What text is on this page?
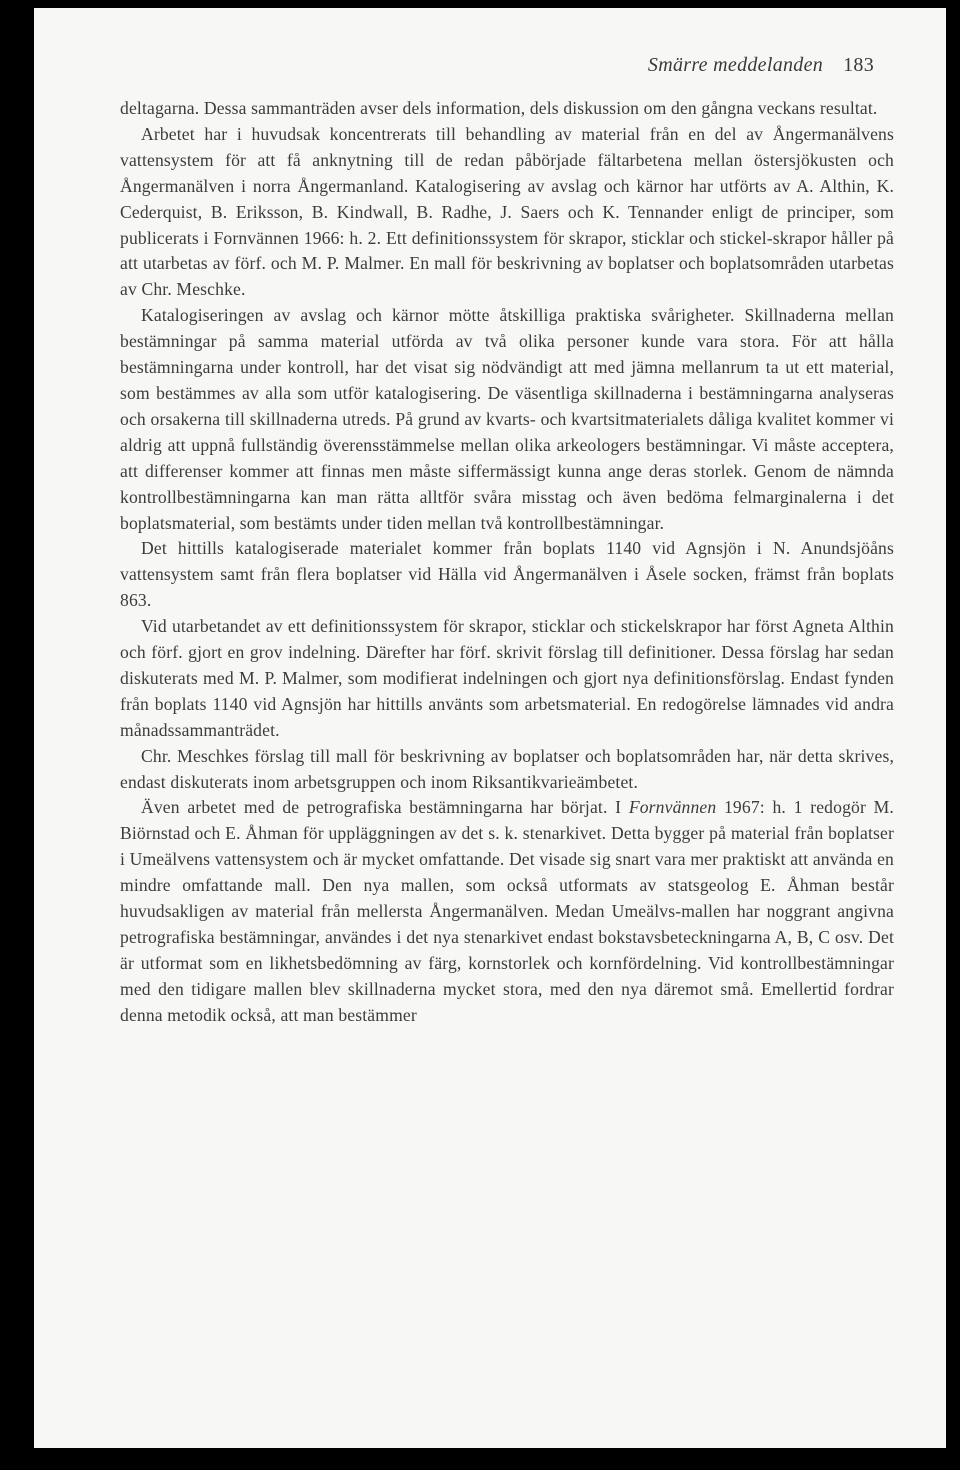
Smärre meddelanden 183

deltagarna. Dessa sammanträden avser dels information, dels diskussion om den gångna veckans resultat.

Arbetet har i huvudsak koncentrerats till behandling av material från en del av Ångermanälvens vattensystem för att få anknytning till de redan påbörjade fältarbetena mellan östersjökusten och Ångermanälven i norra Ångermanland. Katalogisering av avslag och kärnor har utförts av A. Althin, K. Cederquist, B. Eriksson, B. Kindwall, B. Radhe, J. Saers och K. Tennander enligt de principer, som publicerats i Fornvännen 1966: h. 2. Ett definitionssystem för skrapor, sticklar och stickel-skrapor håller på att utarbetas av förf. och M. P. Malmer. En mall för beskrivning av boplatser och boplatsområden utarbetas av Chr. Meschke.

Katalogiseringen av avslag och kärnor mötte åtskilliga praktiska svårigheter. Skillnaderna mellan bestämningar på samma material utförda av två olika personer kunde vara stora. För att hålla bestämningarna under kontroll, har det visat sig nödvändigt att med jämna mellanrum ta ut ett material, som bestämmes av alla som utför katalogisering. De väsentliga skillnaderna i bestämningarna analyseras och orsakerna till skillnaderna utreds. På grund av kvarts- och kvartsitmaterialets dåliga kvalitet kommer vi aldrig att uppnå fullständig överensstämmelse mellan olika arkeologers bestämningar. Vi måste acceptera, att differenser kommer att finnas men måste siffermässigt kunna ange deras storlek. Genom de nämnda kontrollbestämningarna kan man rätta alltför svåra misstag och även bedöma felmarginalerna i det boplatsmaterial, som bestämts under tiden mellan två kontrollbestämningar.

Det hittills katalogiserade materialet kommer från boplats 1140 vid Agnsjön i N. Anundsjöåns vattensystem samt från flera boplatser vid Hälla vid Ångermanälven i Åsele socken, främst från boplats 863.

Vid utarbetandet av ett definitionssystem för skrapor, sticklar och stickelskrapor har först Agneta Althin och förf. gjort en grov indelning. Därefter har förf. skrivit förslag till definitioner. Dessa förslag har sedan diskuterats med M. P. Malmer, som modifierat indelningen och gjort nya definitionsförslag. Endast fynden från boplats 1140 vid Agnsjön har hittills använts som arbetsmaterial. En redogörelse lämnades vid andra månadssammanträdet.

Chr. Meschkes förslag till mall för beskrivning av boplatser och boplatsområden har, när detta skrives, endast diskuterats inom arbetsgruppen och inom Riksantikvarieämbetet.

Även arbetet med de petrografiska bestämningarna har börjat. I Fornvännen 1967: h. 1 redogör M. Biörnstad och E. Åhman för uppläggningen av det s. k. stenarkivet. Detta bygger på material från boplatser i Umeälvens vattensystem och är mycket omfattande. Det visade sig snart vara mer praktiskt att använda en mindre omfattande mall. Den nya mallen, som också utformats av statsgeolog E. Åhman består huvudsakligen av material från mellersta Ångermanälven. Medan Umeälvs-mallen har noggrant angivna petrografiska bestämningar, användes i det nya stenarkivet endast bokstavsbeteckningarna A, B, C osv. Det är utformat som en likhetsbedömning av färg, kornstorlek och kornfördelning. Vid kontrollbestämningar med den tidigare mallen blev skillnaderna mycket stora, med den nya däremot små. Emellertid fordrar denna metodik också, att man bestämmer
